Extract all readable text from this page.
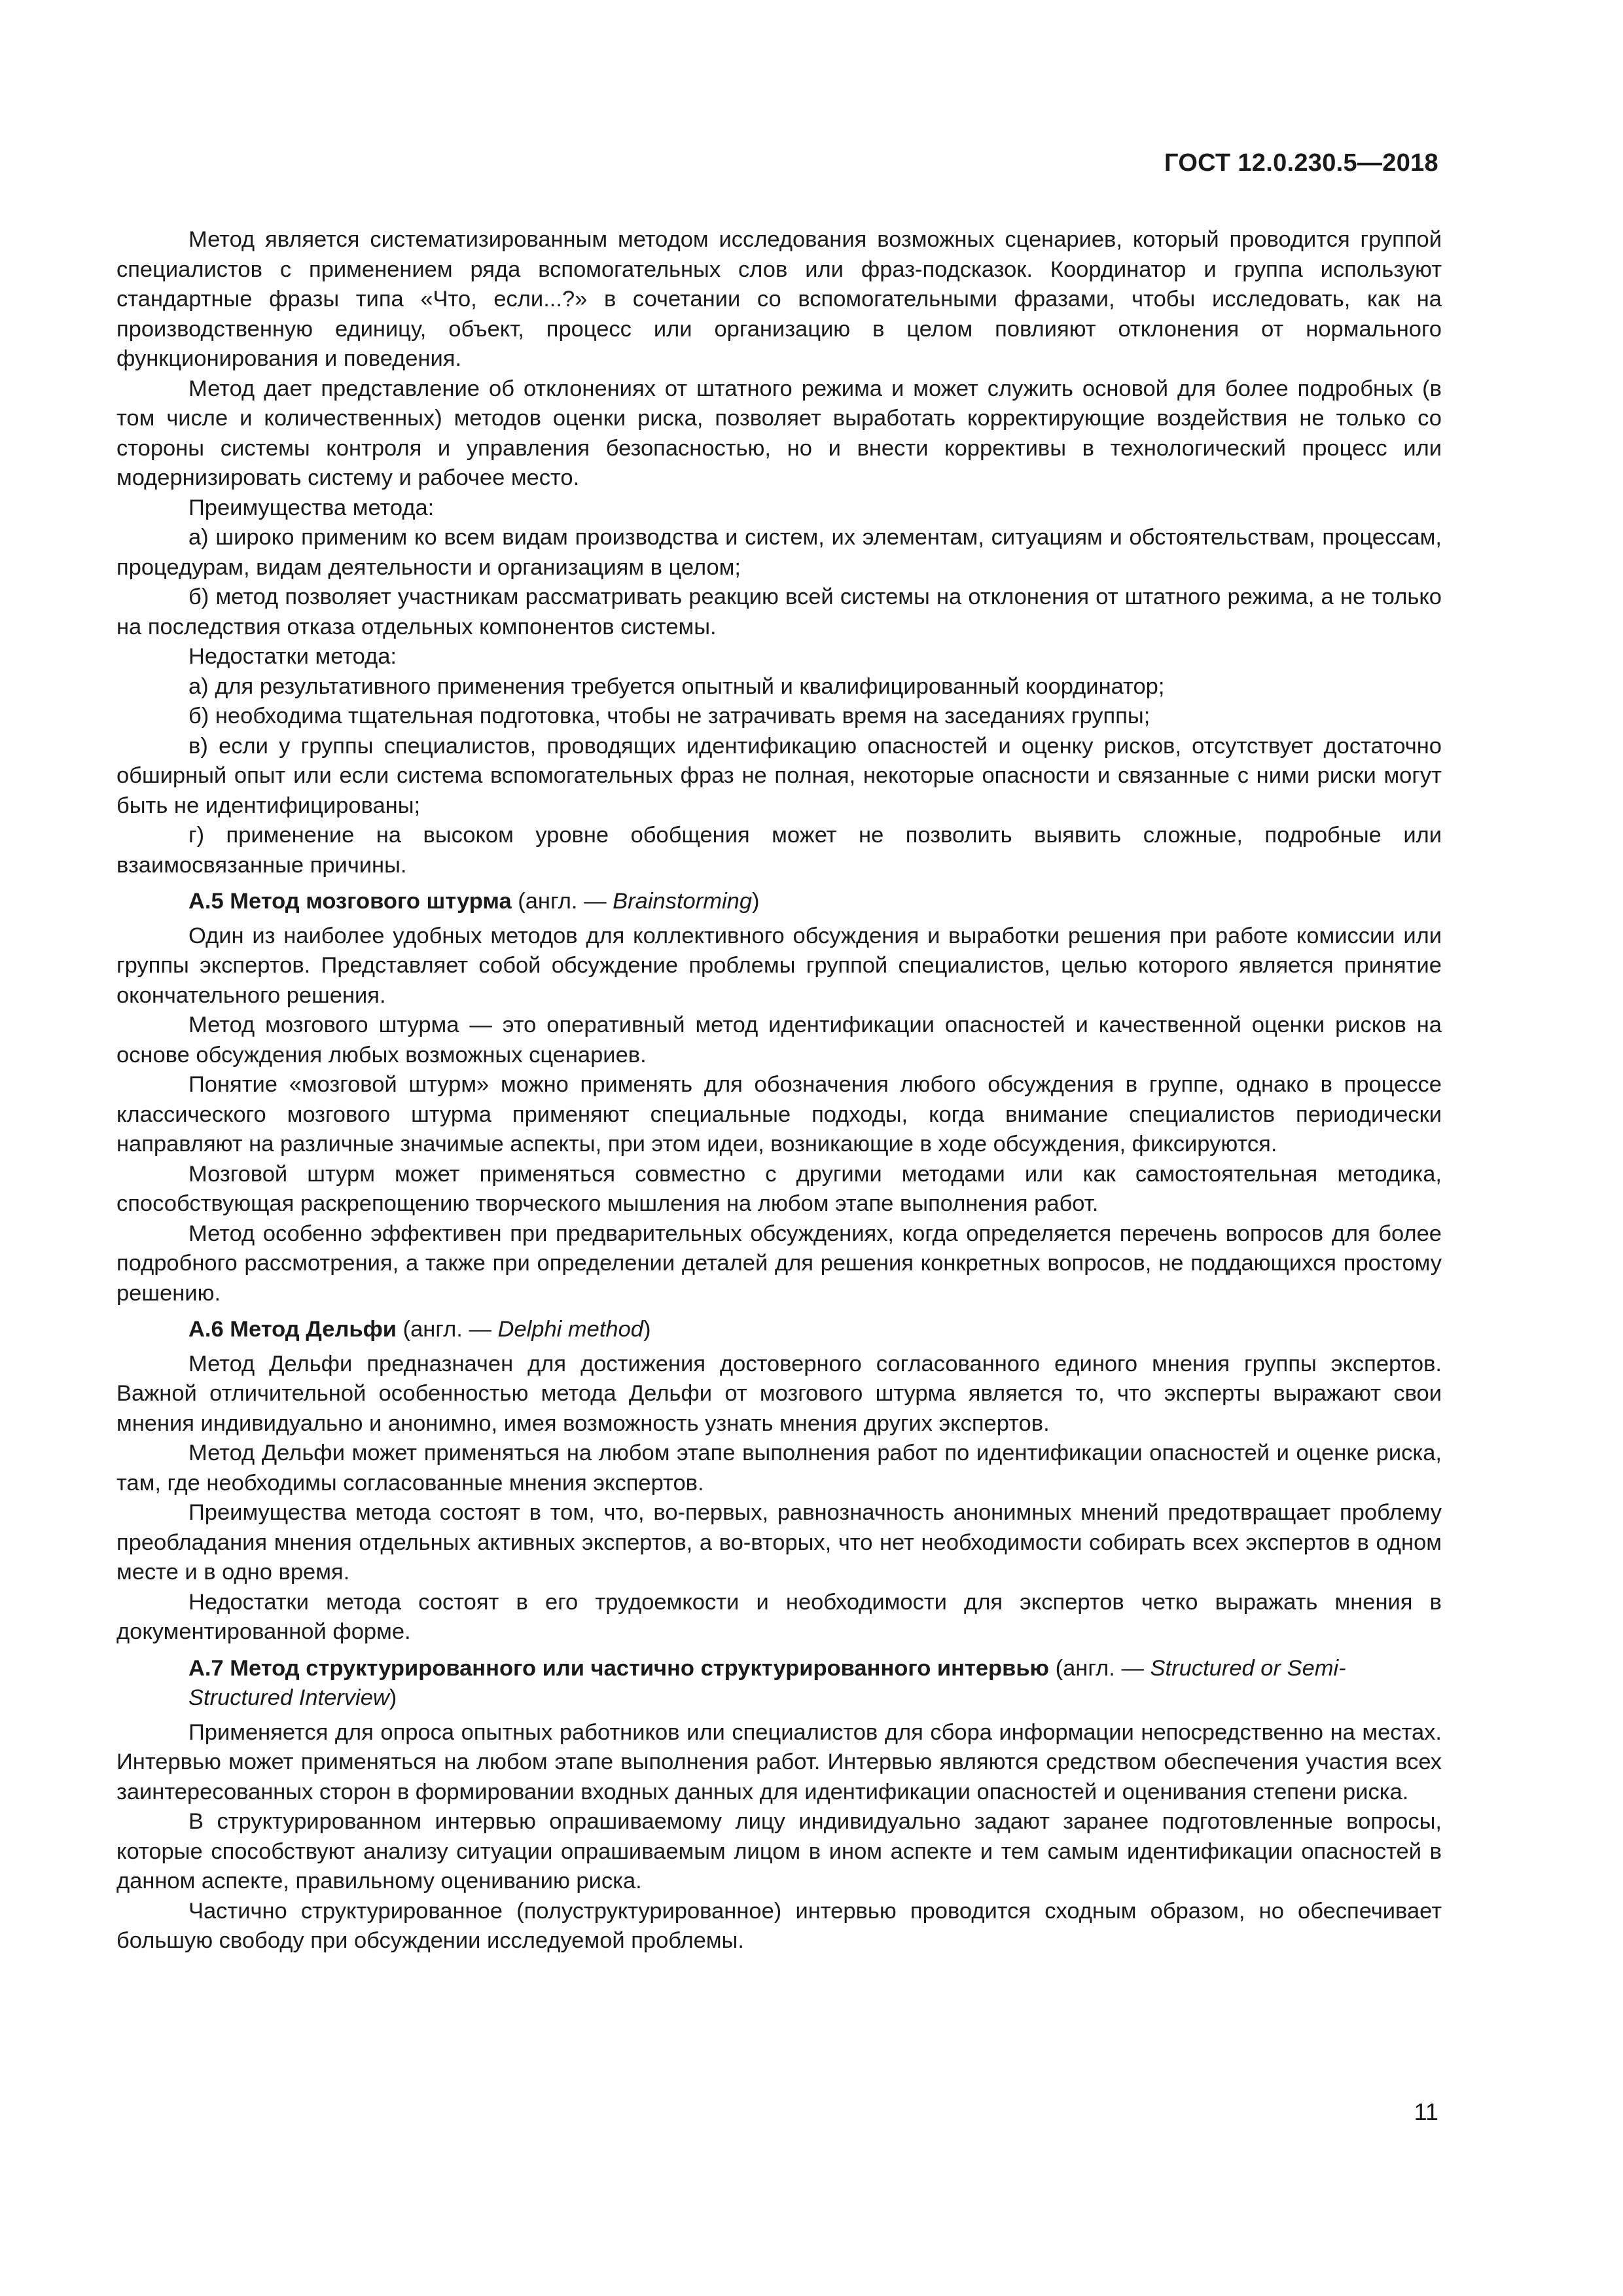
ГОСТ 12.0.230.5—2018

Метод является систематизированным методом исследования возможных сценариев, который проводится группой специалистов с применением ряда вспомогательных слов или фраз-подсказок. Координатор и группа используют стандартные фразы типа «Что, если...?» в сочетании со вспомогательными фразами, чтобы исследовать, как на производственную единицу, объект, процесс или организацию в целом повлияют отклонения от нормального функционирования и поведения.

Метод дает представление об отклонениях от штатного режима и может служить основой для более подробных (в том числе и количественных) методов оценки риска, позволяет выработать корректирующие воздействия не только со стороны системы контроля и управления безопасностью, но и внести коррективы в технологический процесс или модернизировать систему и рабочее место.

Преимущества метода:

а) широко применим ко всем видам производства и систем, их элементам, ситуациям и обстоятельствам, процессам, процедурам, видам деятельности и организациям в целом;

б) метод позволяет участникам рассматривать реакцию всей системы на отклонения от штатного режима, а не только на последствия отказа отдельных компонентов системы.

Недостатки метода:

а) для результативного применения требуется опытный и квалифицированный координатор;

б) необходима тщательная подготовка, чтобы не затрачивать время на заседаниях группы;

в) если у группы специалистов, проводящих идентификацию опасностей и оценку рисков, отсутствует достаточно обширный опыт или если система вспомогательных фраз не полная, некоторые опасности и связанные с ними риски могут быть не идентифицированы;

г) применение на высоком уровне обобщения может не позволить выявить сложные, подробные или взаимосвязанные причины.

А.5 Метод мозгового штурма (англ. — Brainstorming)

Один из наиболее удобных методов для коллективного обсуждения и выработки решения при работе комиссии или группы экспертов. Представляет собой обсуждение проблемы группой специалистов, целью которого является принятие окончательного решения.

Метод мозгового штурма — это оперативный метод идентификации опасностей и качественной оценки рисков на основе обсуждения любых возможных сценариев.

Понятие «мозговой штурм» можно применять для обозначения любого обсуждения в группе, однако в процессе классического мозгового штурма применяют специальные подходы, когда внимание специалистов периодически направляют на различные значимые аспекты, при этом идеи, возникающие в ходе обсуждения, фиксируются.

Мозговой штурм может применяться совместно с другими методами или как самостоятельная методика, способствующая раскрепощению творческого мышления на любом этапе выполнения работ.

Метод особенно эффективен при предварительных обсуждениях, когда определяется перечень вопросов для более подробного рассмотрения, а также при определении деталей для решения конкретных вопросов, не поддающихся простому решению.

А.6 Метод Дельфи (англ. — Delphi method)

Метод Дельфи предназначен для достижения достоверного согласованного единого мнения группы экспертов. Важной отличительной особенностью метода Дельфи от мозгового штурма является то, что эксперты выражают свои мнения индивидуально и анонимно, имея возможность узнать мнения других экспертов.

Метод Дельфи может применяться на любом этапе выполнения работ по идентификации опасностей и оценке риска, там, где необходимы согласованные мнения экспертов.

Преимущества метода состоят в том, что, во-первых, равнозначность анонимных мнений предотвращает проблему преобладания мнения отдельных активных экспертов, а во-вторых, что нет необходимости собирать всех экспертов в одном месте и в одно время.

Недостатки метода состоят в его трудоемкости и необходимости для экспертов четко выражать мнения в документированной форме.

А.7 Метод структурированного или частично структурированного интервью (англ. — Structured or Semi-Structured Interview)

Применяется для опроса опытных работников или специалистов для сбора информации непосредственно на местах. Интервью может применяться на любом этапе выполнения работ. Интервью являются средством обеспечения участия всех заинтересованных сторон в формировании входных данных для идентификации опасностей и оценивания степени риска.

В структурированном интервью опрашиваемому лицу индивидуально задают заранее подготовленные вопросы, которые способствуют анализу ситуации опрашиваемым лицом в ином аспекте и тем самым идентификации опасностей в данном аспекте, правильному оцениванию риска.

Частично структурированное (полуструктурированное) интервью проводится сходным образом, но обеспечивает большую свободу при обсуждении исследуемой проблемы.

11
